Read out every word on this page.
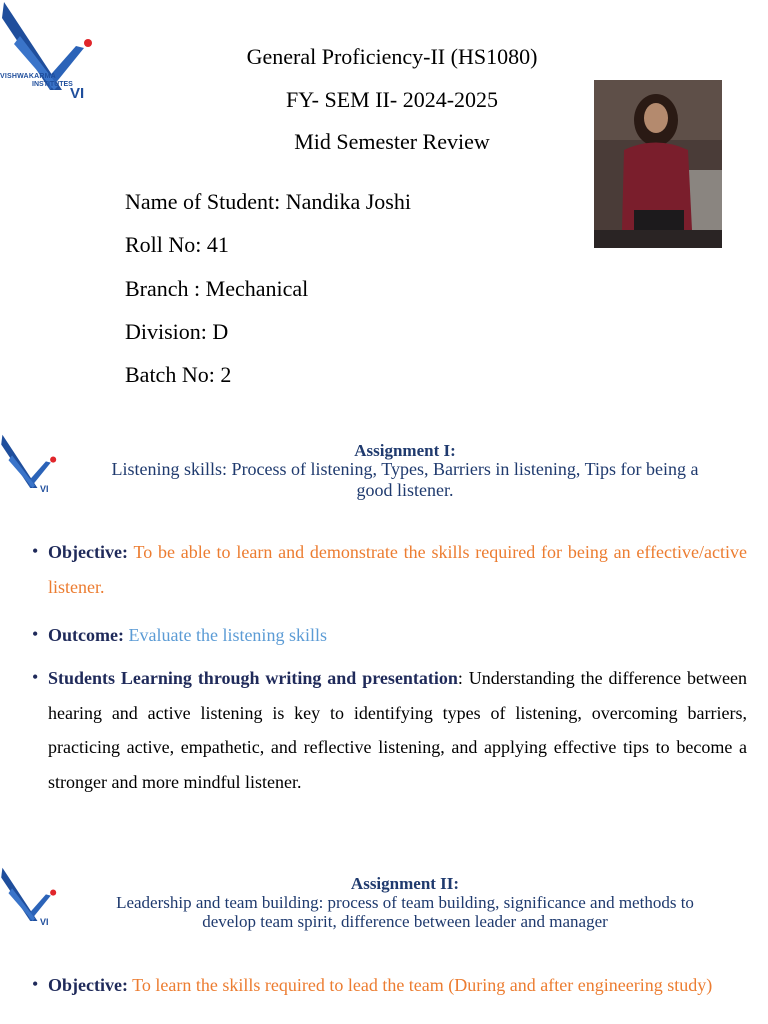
VISHWAKARMA
INSTITUTES
VI
General Proficiency-II (HS1080)
FY- SEM II- 2024-2025
Mid Semester Review
Name of Student: Nandika Joshi
Roll No: 41
Branch : Mechanical
Division: D
Batch No: 2
VI
Assignment I:
Listening skills: Process of listening, Types, Barriers in listening, Tips for being a
good listener.
• Objective: To be able to learn and demonstrate the skills required for being an effective/active listener.
• Outcome: Evaluate the listening skills
• Students Learning through writing and presentation: Understanding the difference between hearing and active listening is key to identifying types of listening, overcoming barriers, practicing active, empathetic, and reflective listening, and applying effective tips to become a stronger and more mindful listener.
VI
Assignment II:
Leadership and team building: process of team building, significance and methods to
develop team spirit, difference between leader and manager
• Objective: To learn the skills required to lead the team (During and after engineering study)
